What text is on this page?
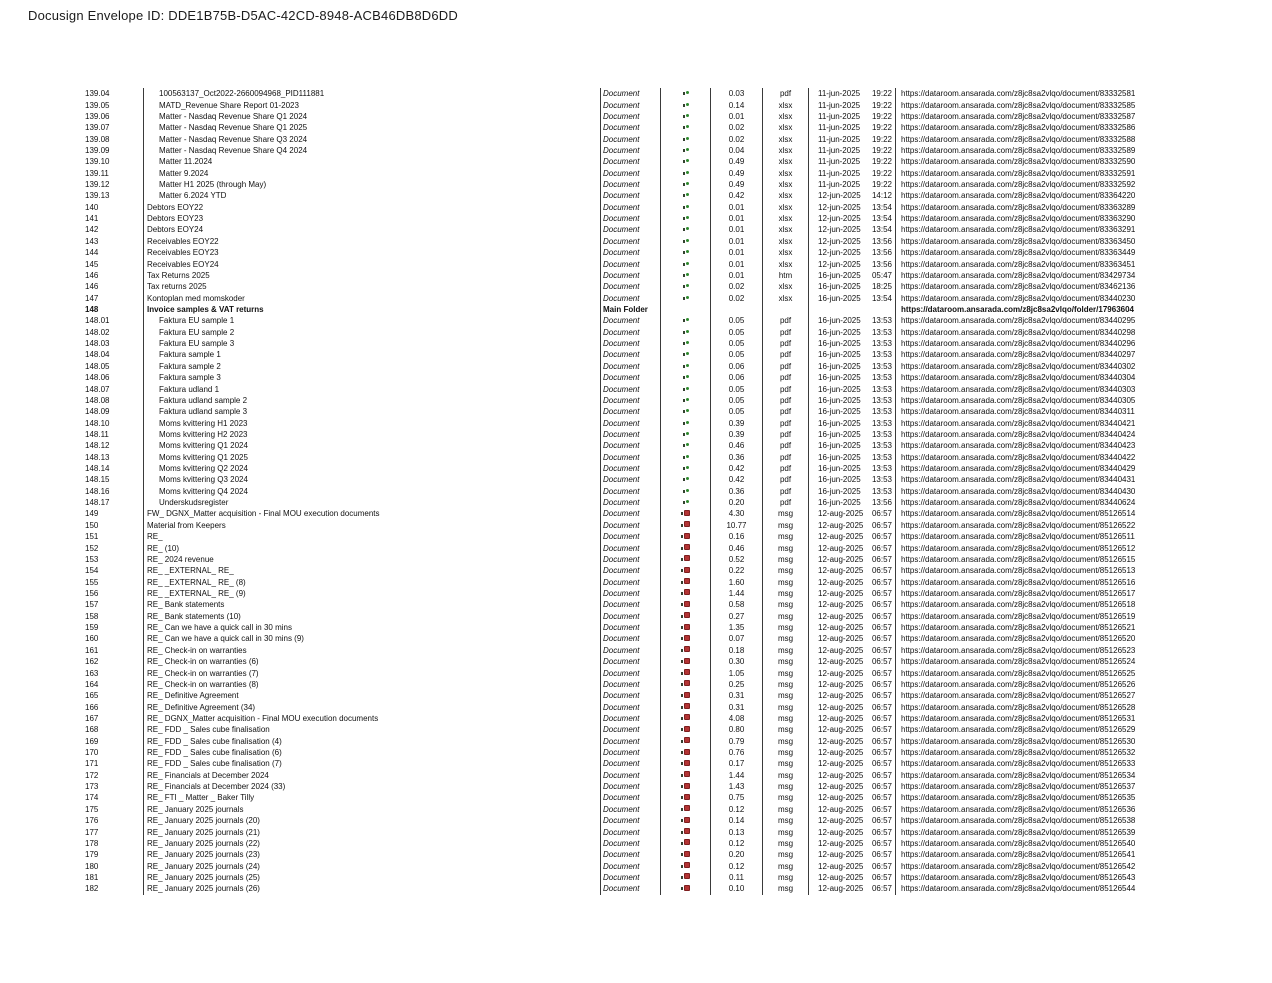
Docusign Envelope ID: DDE1B75B-D5AC-42CD-8948-ACB46DB8D6DD
139.04	100563137_Oct2022-2660094968_PID111881	Document	0.03	pdf	11-jun-2025 19:22	https://dataroom.ansarada.com/z8jc8sa2vlqo/document/83332581
139.05	MATD_Revenue Share Report 01-2023	Document	0.14	xlsx	11-jun-2025 19:22	https://dataroom.ansarada.com/z8jc8sa2vlqo/document/83332585
139.06	Matter - Nasdaq Revenue Share Q1 2024	Document	0.01	xlsx	11-jun-2025 19:22	https://dataroom.ansarada.com/z8jc8sa2vlqo/document/83332587
139.07	Matter - Nasdaq Revenue Share Q1 2025	Document	0.02	xlsx	11-jun-2025 19:22	https://dataroom.ansarada.com/z8jc8sa2vlqo/document/83332586
139.08	Matter - Nasdaq Revenue Share Q3 2024	Document	0.02	xlsx	11-jun-2025 19:22	https://dataroom.ansarada.com/z8jc8sa2vlqo/document/83332588
139.09	Matter - Nasdaq Revenue Share Q4 2024	Document	0.04	xlsx	11-jun-2025 19:22	https://dataroom.ansarada.com/z8jc8sa2vlqo/document/83332589
139.10	Matter 11.2024	Document	0.49	xlsx	11-jun-2025 19:22	https://dataroom.ansarada.com/z8jc8sa2vlqo/document/83332590
139.11	Matter 9.2024	Document	0.49	xlsx	11-jun-2025 19:22	https://dataroom.ansarada.com/z8jc8sa2vlqo/document/83332591
139.12	Matter H1 2025 (through May)	Document	0.49	xlsx	11-jun-2025 19:22	https://dataroom.ansarada.com/z8jc8sa2vlqo/document/83332592
139.13	Matter 6.2024 YTD	Document	0.42	xlsx	12-jun-2025 14:12	https://dataroom.ansarada.com/z8jc8sa2vlqo/document/83364220
140	Debtors EOY22	Document	0.01	xlsx	12-jun-2025 13:54	https://dataroom.ansarada.com/z8jc8sa2vlqo/document/83363289
141	Debtors EOY23	Document	0.01	xlsx	12-jun-2025 13:54	https://dataroom.ansarada.com/z8jc8sa2vlqo/document/83363290
142	Debtors EOY24	Document	0.01	xlsx	12-jun-2025 13:54	https://dataroom.ansarada.com/z8jc8sa2vlqo/document/83363291
143	Receivables EOY22	Document	0.01	xlsx	12-jun-2025 13:56	https://dataroom.ansarada.com/z8jc8sa2vlqo/document/83363450
144	Receivables EOY23	Document	0.01	xlsx	12-jun-2025 13:56	https://dataroom.ansarada.com/z8jc8sa2vlqo/document/83363449
145	Receivables EOY24	Document	0.01	xlsx	12-jun-2025 13:56	https://dataroom.ansarada.com/z8jc8sa2vlqo/document/83363451
146	Tax Returns 2025	Document	0.01	htm	16-jun-2025 05:47	https://dataroom.ansarada.com/z8jc8sa2vlqo/document/83429734
146	Tax returns 2025	Document	0.02	xlsx	16-jun-2025 18:25	https://dataroom.ansarada.com/z8jc8sa2vlqo/document/83462136
147	Kontoplan med momskoder	Document	0.02	xlsx	16-jun-2025 13:54	https://dataroom.ansarada.com/z8jc8sa2vlqo/document/83440230
148	Invoice samples & VAT returns	Main Folder	https://dataroom.ansarada.com/z8jc8sa2vlqo/folder/17963604
148.01	Faktura EU sample 1	Document	0.05	pdf	16-jun-2025 13:53	https://dataroom.ansarada.com/z8jc8sa2vlqo/document/83440295
148.02	Faktura EU sample 2	Document	0.05	pdf	16-jun-2025 13:53	https://dataroom.ansarada.com/z8jc8sa2vlqo/document/83440298
148.03	Faktura EU sample 3	Document	0.05	pdf	16-jun-2025 13:53	https://dataroom.ansarada.com/z8jc8sa2vlqo/document/83440296
148.04	Faktura sample 1	Document	0.05	pdf	16-jun-2025 13:53	https://dataroom.ansarada.com/z8jc8sa2vlqo/document/83440297
148.05	Faktura sample 2	Document	0.06	pdf	16-jun-2025 13:53	https://dataroom.ansarada.com/z8jc8sa2vlqo/document/83440302
148.06	Faktura sample 3	Document	0.06	pdf	16-jun-2025 13:53	https://dataroom.ansarada.com/z8jc8sa2vlqo/document/83440304
148.07	Faktura udland 1	Document	0.05	pdf	16-jun-2025 13:53	https://dataroom.ansarada.com/z8jc8sa2vlqo/document/83440303
148.08	Faktura udland sample 2	Document	0.05	pdf	16-jun-2025 13:53	https://dataroom.ansarada.com/z8jc8sa2vlqo/document/83440305
148.09	Faktura udland sample 3	Document	0.05	pdf	16-jun-2025 13:53	https://dataroom.ansarada.com/z8jc8sa2vlqo/document/83440311
148.10	Moms kvittering H1 2023	Document	0.39	pdf	16-jun-2025 13:53	https://dataroom.ansarada.com/z8jc8sa2vlqo/document/83440421
148.11	Moms kvittering H2 2023	Document	0.39	pdf	16-jun-2025 13:53	https://dataroom.ansarada.com/z8jc8sa2vlqo/document/83440424
148.12	Moms kvittering Q1 2024	Document	0.46	pdf	16-jun-2025 13:53	https://dataroom.ansarada.com/z8jc8sa2vlqo/document/83440423
148.13	Moms kvittering Q1 2025	Document	0.36	pdf	16-jun-2025 13:53	https://dataroom.ansarada.com/z8jc8sa2vlqo/document/83440422
148.14	Moms kvittering Q2 2024	Document	0.42	pdf	16-jun-2025 13:53	https://dataroom.ansarada.com/z8jc8sa2vlqo/document/83440429
148.15	Moms kvittering Q3 2024	Document	0.42	pdf	16-jun-2025 13:53	https://dataroom.ansarada.com/z8jc8sa2vlqo/document/83440431
148.16	Moms kvittering Q4 2024	Document	0.36	pdf	16-jun-2025 13:53	https://dataroom.ansarada.com/z8jc8sa2vlqo/document/83440430
148.17	Underskudsregister	Document	0.20	pdf	16-jun-2025 13:56	https://dataroom.ansarada.com/z8jc8sa2vlqo/document/83440624
149	FW_ DGNX_Matter acquisition - Final MOU execution documents	Document	4.30	msg	12-aug-2025 06:57	https://dataroom.ansarada.com/z8jc8sa2vlqo/document/85126514
150	Material from Keepers	Document	10.77	msg	12-aug-2025 06:57	https://dataroom.ansarada.com/z8jc8sa2vlqo/document/85126522
151	RE_	Document	0.16	msg	12-aug-2025 06:57	https://dataroom.ansarada.com/z8jc8sa2vlqo/document/85126511
152	RE_ (10)	Document	0.46	msg	12-aug-2025 06:57	https://dataroom.ansarada.com/z8jc8sa2vlqo/document/85126512
153	RE_ 2024 revenue	Document	0.52	msg	12-aug-2025 06:57	https://dataroom.ansarada.com/z8jc8sa2vlqo/document/85126515
154	RE_ _EXTERNAL_ RE_	Document	0.22	msg	12-aug-2025 06:57	https://dataroom.ansarada.com/z8jc8sa2vlqo/document/85126513
155	RE_ _EXTERNAL_ RE_ (8)	Document	1.60	msg	12-aug-2025 06:57	https://dataroom.ansarada.com/z8jc8sa2vlqo/document/85126516
156	RE_ _EXTERNAL_ RE_ (9)	Document	1.44	msg	12-aug-2025 06:57	https://dataroom.ansarada.com/z8jc8sa2vlqo/document/85126517
157	RE_ Bank statements	Document	0.58	msg	12-aug-2025 06:57	https://dataroom.ansarada.com/z8jc8sa2vlqo/document/85126518
158	RE_ Bank statements (10)	Document	0.27	msg	12-aug-2025 06:57	https://dataroom.ansarada.com/z8jc8sa2vlqo/document/85126519
159	RE_ Can we have a quick call in 30 mins	Document	1.35	msg	12-aug-2025 06:57	https://dataroom.ansarada.com/z8jc8sa2vlqo/document/85126521
160	RE_ Can we have a quick call in 30 mins (9)	Document	0.07	msg	12-aug-2025 06:57	https://dataroom.ansarada.com/z8jc8sa2vlqo/document/85126520
161	RE_ Check-in on warranties	Document	0.18	msg	12-aug-2025 06:57	https://dataroom.ansarada.com/z8jc8sa2vlqo/document/85126523
162	RE_ Check-in on warranties (6)	Document	0.30	msg	12-aug-2025 06:57	https://dataroom.ansarada.com/z8jc8sa2vlqo/document/85126524
163	RE_ Check-in on warranties (7)	Document	1.05	msg	12-aug-2025 06:57	https://dataroom.ansarada.com/z8jc8sa2vlqo/document/85126525
164	RE_ Check-in on warranties (8)	Document	0.25	msg	12-aug-2025 06:57	https://dataroom.ansarada.com/z8jc8sa2vlqo/document/85126526
165	RE_ Definitive Agreement	Document	0.31	msg	12-aug-2025 06:57	https://dataroom.ansarada.com/z8jc8sa2vlqo/document/85126527
166	RE_ Definitive Agreement (34)	Document	0.31	msg	12-aug-2025 06:57	https://dataroom.ansarada.com/z8jc8sa2vlqo/document/85126528
167	RE_ DGNX_Matter acquisition - Final MOU execution documents	Document	4.08	msg	12-aug-2025 06:57	https://dataroom.ansarada.com/z8jc8sa2vlqo/document/85126531
168	RE_ FDD _ Sales cube finalisation	Document	0.80	msg	12-aug-2025 06:57	https://dataroom.ansarada.com/z8jc8sa2vlqo/document/85126529
169	RE_ FDD _ Sales cube finalisation (4)	Document	0.79	msg	12-aug-2025 06:57	https://dataroom.ansarada.com/z8jc8sa2vlqo/document/85126530
170	RE_ FDD _ Sales cube finalisation (6)	Document	0.76	msg	12-aug-2025 06:57	https://dataroom.ansarada.com/z8jc8sa2vlqo/document/85126532
171	RE_ FDD _ Sales cube finalisation (7)	Document	0.17	msg	12-aug-2025 06:57	https://dataroom.ansarada.com/z8jc8sa2vlqo/document/85126533
172	RE_ Financials at December 2024	Document	1.44	msg	12-aug-2025 06:57	https://dataroom.ansarada.com/z8jc8sa2vlqo/document/85126534
173	RE_ Financials at December 2024 (33)	Document	1.43	msg	12-aug-2025 06:57	https://dataroom.ansarada.com/z8jc8sa2vlqo/document/85126537
174	RE_ FTI _ Matter _ Baker Tilly	Document	0.75	msg	12-aug-2025 06:57	https://dataroom.ansarada.com/z8jc8sa2vlqo/document/85126535
175	RE_ January 2025 journals	Document	0.12	msg	12-aug-2025 06:57	https://dataroom.ansarada.com/z8jc8sa2vlqo/document/85126536
176	RE_ January 2025 journals (20)	Document	0.14	msg	12-aug-2025 06:57	https://dataroom.ansarada.com/z8jc8sa2vlqo/document/85126538
177	RE_ January 2025 journals (21)	Document	0.13	msg	12-aug-2025 06:57	https://dataroom.ansarada.com/z8jc8sa2vlqo/document/85126539
178	RE_ January 2025 journals (22)	Document	0.12	msg	12-aug-2025 06:57	https://dataroom.ansarada.com/z8jc8sa2vlqo/document/85126540
179	RE_ January 2025 journals (23)	Document	0.20	msg	12-aug-2025 06:57	https://dataroom.ansarada.com/z8jc8sa2vlqo/document/85126541
180	RE_ January 2025 journals (24)	Document	0.12	msg	12-aug-2025 06:57	https://dataroom.ansarada.com/z8jc8sa2vlqo/document/85126542
181	RE_ January 2025 journals (25)	Document	0.11	msg	12-aug-2025 06:57	https://dataroom.ansarada.com/z8jc8sa2vlqo/document/85126543
182	RE_ January 2025 journals (26)	Document	0.10	msg	12-aug-2025 06:57	https://dataroom.ansarada.com/z8jc8sa2vlqo/document/85126544
